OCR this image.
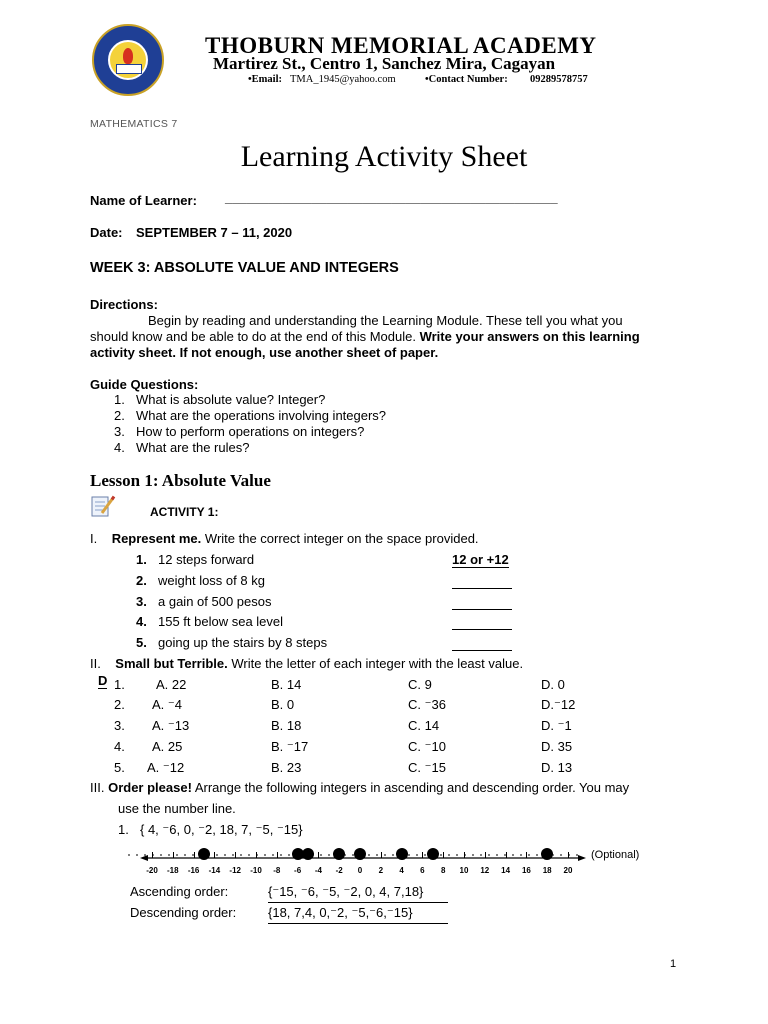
THOBURN MEMORIAL ACADEMY
Martirez St., Centro 1, Sanchez Mira, Cagayan
•Email: TMA_1945@yahoo.com	•Contact Number: 09289578757
MATHEMATICS 7
Learning Activity Sheet
Name of Learner: ______________________________________________
Date: SEPTEMBER 7 – 11, 2020
WEEK 3: ABSOLUTE VALUE AND INTEGERS
Directions:
Begin by reading and understanding the Learning Module. These tell you what you
should know and be able to do at the end of this Module. Write your answers on this learning
activity sheet. If not enough, use another sheet of paper.
Guide Questions:
1. What is absolute value? Integer?
2. What are the operations involving integers?
3. How to perform operations on integers?
4. What are the rules?
Lesson 1: Absolute Value
ACTIVITY 1:
I. Represent me. Write the correct integer on the space provided.
1. 12 steps forward	12 or +12
2. weight loss of 8 kg
3. a gain of 500 pesos
4. 155 ft below sea level
5. going up the stairs by 8 steps
II. Small but Terrible. Write the letter of each integer with the least value.
D 1. A. 22	B. 14	C. 9	D. 0
2. A. ⁻4	B. 0	C. ⁻36	D.⁻12
3. A. ⁻13	B. 18	C. 14	D. ⁻1
4. A. 25	B. ⁻17	C. ⁻10	D. 35
5. A. ⁻12	B. 23	C. ⁻15	D. 13
III. Order please! Arrange the following integers in ascending and descending order. You may
use the number line.
1. { 4, ⁻6, 0, ⁻2, 18, 7, ⁻5, ⁻15}
-20 -18 -16 -14 -12 -10 -8 -6 -4 -2 0 2 4 6 8 10 12 14 16 18 20
(Optional)
Ascending order:	{⁻15, ⁻6, ⁻5, ⁻2, 0, 4, 7,18}
Descending order: {18, 7,4, 0,⁻2, ⁻5,⁻6,⁻15}
1
